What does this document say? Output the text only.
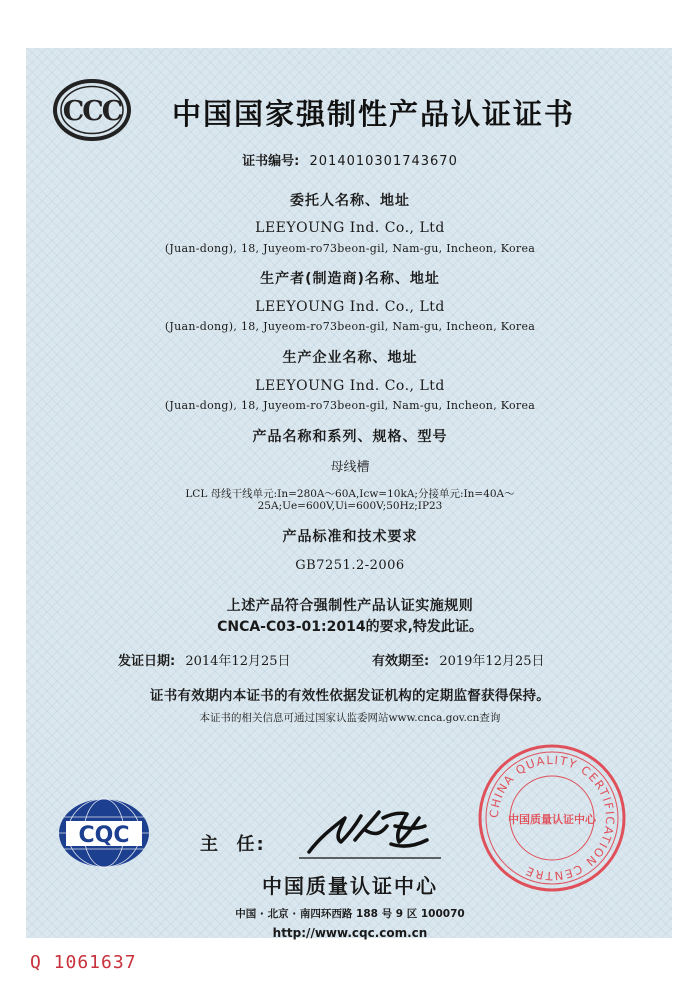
CCC 中国国家强制性产品认证证书
证书编号: 2014010301743670
委托人名称、地址
LEEYOUNG Ind. Co., Ltd
(Juan-dong), 18, Juyeom-ro73beon-gil, Nam-gu, Incheon, Korea
生产者(制造商)名称、地址
LEEYOUNG Ind. Co., Ltd
(Juan-dong), 18, Juyeom-ro73beon-gil, Nam-gu, Incheon, Korea
生产企业名称、地址
LEEYOUNG Ind. Co., Ltd
(Juan-dong), 18, Juyeom-ro73beon-gil, Nam-gu, Incheon, Korea
产品名称和系列、规格、型号
母线槽
LCL 母线干线单元:In=280A～60A,Icw=10kA;分接单元:In=40A～
25A;Ue=600V,Ui=600V;50Hz;IP23
产品标准和技术要求
GB7251.2-2006
上述产品符合强制性产品认证实施规则
CNCA-C03-01:2014的要求,特发此证。
发证日期: 2014年12月25日	有效期至: 2019年12月25日
证书有效期内本证书的有效性依据发证机构的定期监督获得保持。
本证书的相关信息可通过国家认监委网站www.cnca.gov.cn查询
CQC	主  任:
CHINA QUALITY CERTIFICATION CENTRE
中国质量认证中心
中国质量认证中心
中国 · 北京 · 南四环西路 188 号 9 区 100070
http://www.cqc.com.cn
Q 1061637
